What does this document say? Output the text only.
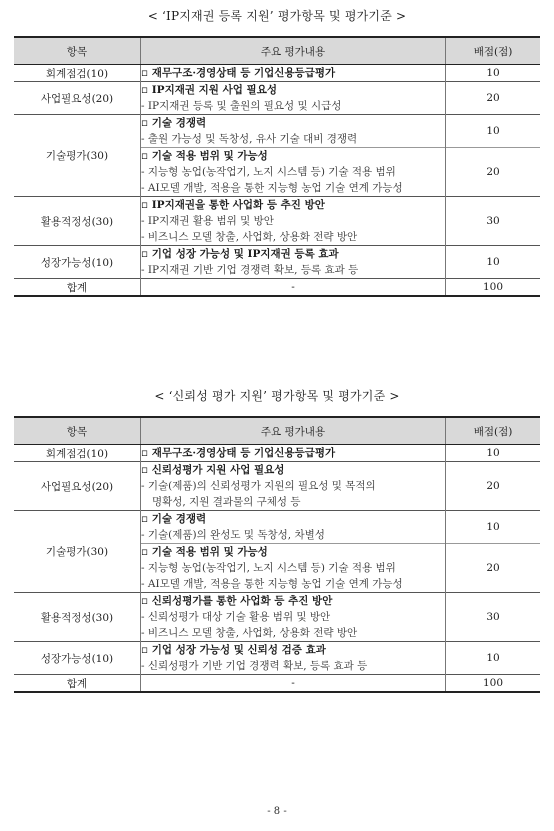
< ‘IP지재권 등록 지원’ 평가항목 및 평가기준 >
항목	주요 평가내용	배점(점)
회계점검(10)	▫ 재무구조·경영상태 등 기업신용등급평가	10
사업필요성(20)	▫ IP지재권 지원 사업 필요성
- IP지재권 등록 및 출원의 필요성 및 시급성	20
기술평가(30)	▫ 기술 경쟁력
- 출원 가능성 및 독창성, 유사 기술 대비 경쟁력	10

	▫ 기술 적용 범위 및 가능성
- 지능형 농업(농작업기, 노지 시스템 등) 기술 적용 범위
- AI모델 개발, 적용을 통한 지능형 농업 기술 연계 가능성	20
활용적정성(30)	▫ IP지재권을 통한 사업화 등 추진 방안
- IP지재권 활용 범위 및 방안
- 비즈니스 모델 창출, 사업화, 상용화 전략 방안	30
성장가능성(10)	▫ 기업 성장 가능성 및 IP지재권 등록 효과
- IP지재권 기반 기업 경쟁력 확보, 등록 효과 등	10
합계	-	100
< ‘신뢰성 평가 지원’ 평가항목 및 평가기준 >
항목	주요 평가내용	배점(점)
회계점검(10)	▫ 재무구조·경영상태 등 기업신용등급평가	10
사업필요성(20)	▫ 신뢰성평가 지원 사업 필요성
- 기술(제품)의 신뢰성평가 지원의 필요성 및 목적의
명확성, 지원 결과물의 구체성 등	20
기술평가(30)	▫ 기술 경쟁력
- 기술(제품)의 완성도 및 독창성, 차별성	10

	▫ 기술 적용 범위 및 가능성
- 지능형 농업(농작업기, 노지 시스템 등) 기술 적용 범위
- AI모델 개발, 적용을 통한 지능형 농업 기술 연계 가능성	20
활용적정성(30)	▫ 신뢰성평가를 통한 사업화 등 추진 방안
- 신뢰성평가 대상 기술 활용 범위 및 방안
- 비즈니스 모델 창출, 사업화, 상용화 전략 방안	30
성장가능성(10)	▫ 기업 성장 가능성 및 신뢰성 검증 효과
- 신뢰성평가 기반 기업 경쟁력 확보, 등록 효과 등	10
합계	-	100
- 8 -
